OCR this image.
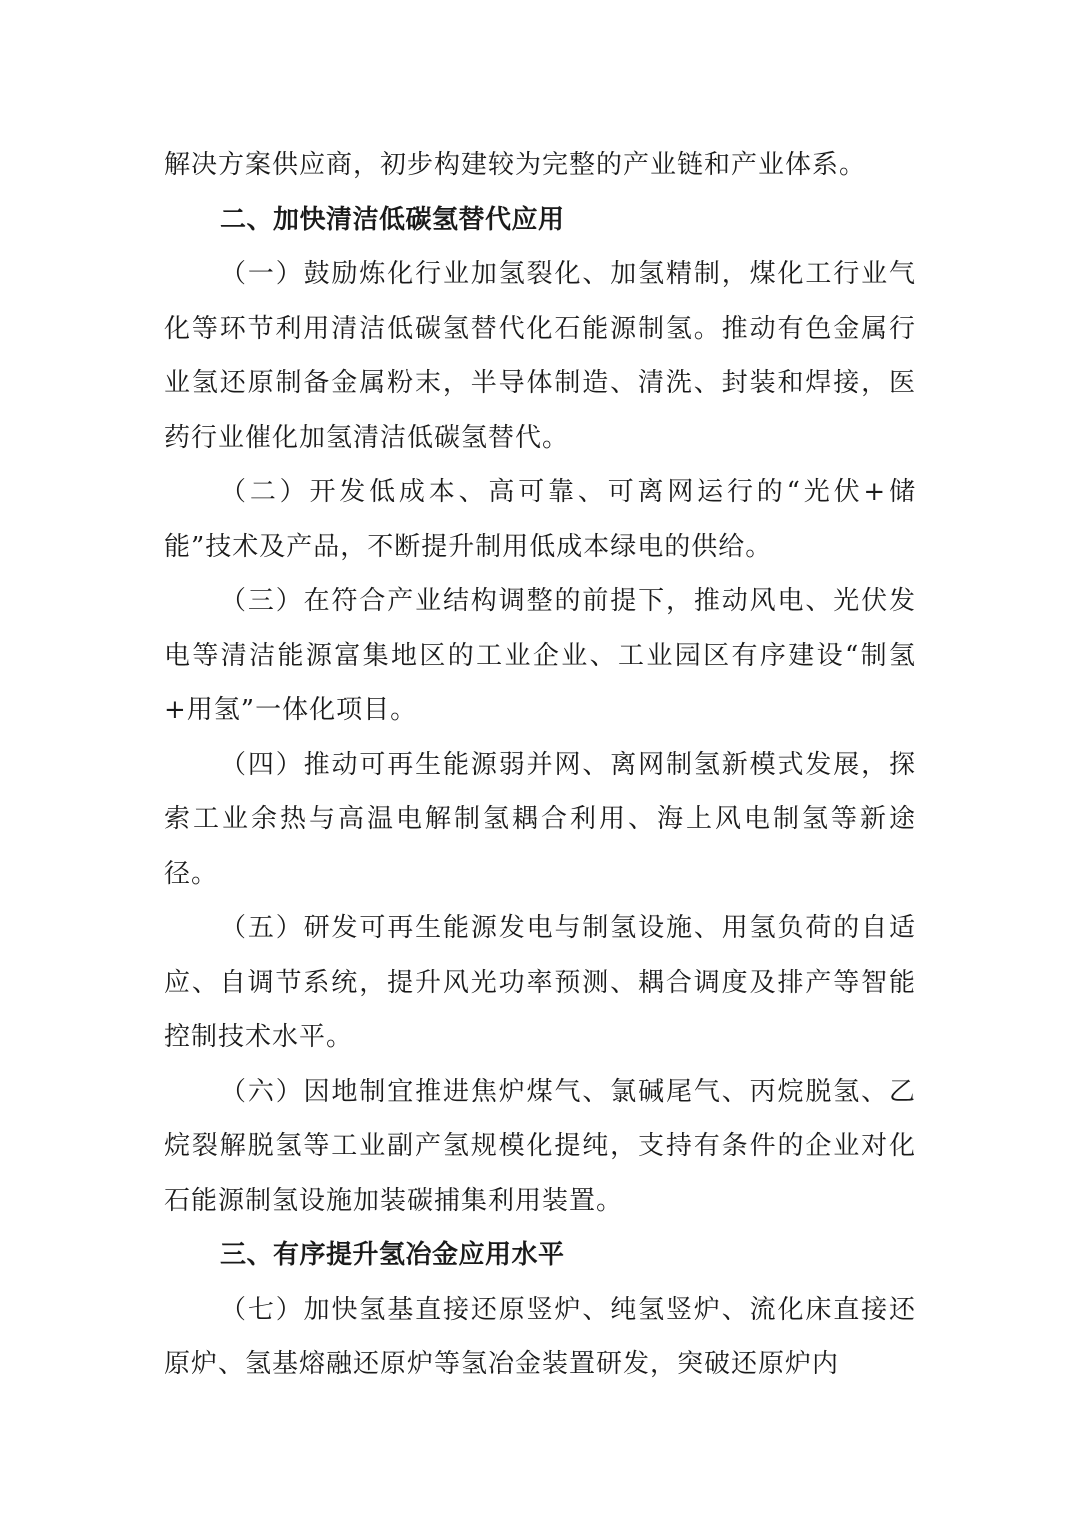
解决方案供应商，初步构建较为完整的产业链和产业体系。

二、加快清洁低碳氢替代应用

（一）鼓励炼化行业加氢裂化、加氢精制，煤化工行业气化等环节利用清洁低碳氢替代化石能源制氢。推动有色金属行业氢还原制备金属粉末，半导体制造、清洗、封装和焊接，医药行业催化加氢清洁低碳氢替代。

（二）开发低成本、高可靠、可离网运行的“光伏+储能”技术及产品，不断提升制用低成本绿电的供给。

（三）在符合产业结构调整的前提下，推动风电、光伏发电等清洁能源富集地区的工业企业、工业园区有序建设“制氢+用氢”一体化项目。

（四）推动可再生能源弱并网、离网制氢新模式发展，探索工业余热与高温电解制氢耦合利用、海上风电制氢等新途径。

（五）研发可再生能源发电与制氢设施、用氢负荷的自适应、自调节系统，提升风光功率预测、耦合调度及排产等智能控制技术水平。

（六）因地制宜推进焦炉煤气、氯碱尾气、丙烷脱氢、乙烷裂解脱氢等工业副产氢规模化提纯，支持有条件的企业对化石能源制氢设施加装碳捕集利用装置。

三、有序提升氢冶金应用水平

（七）加快氢基直接还原竖炉、纯氢竖炉、流化床直接还原炉、氢基熔融还原炉等氢冶金装置研发，突破还原炉内
